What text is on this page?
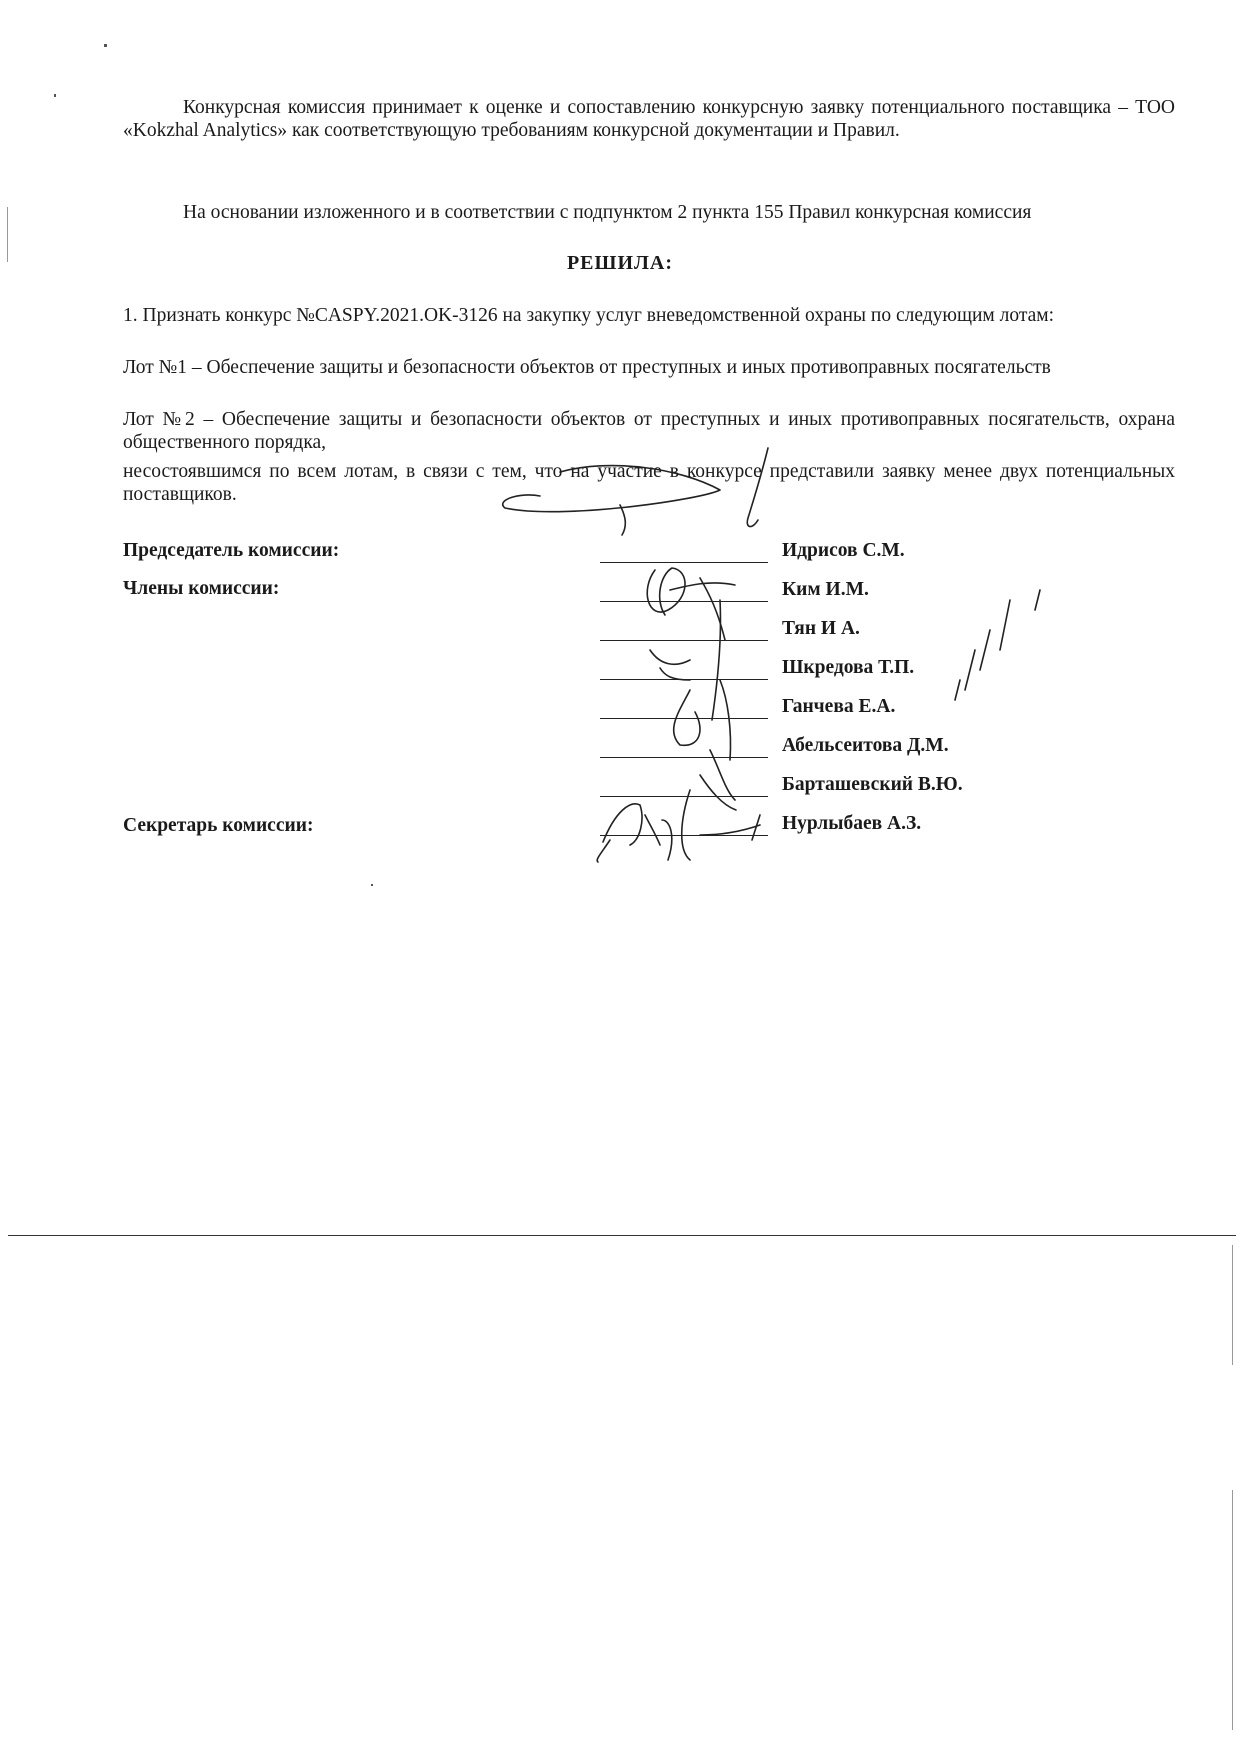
Конкурсная комиссия принимает к оценке и сопоставлению конкурсную заявку потенциального поставщика – ТОО «Kokzhal Analytics» как соответствующую требованиям конкурсной документации и Правил.

На основании изложенного и в соответствии с подпунктом 2 пункта 155 Правил конкурсная комиссия

РЕШИЛА:

1. Признать конкурс №CASPY.2021.OK-3126 на закупку услуг вневедомственной охраны по следующим лотам:

Лот №1 – Обеспечение защиты и безопасности объектов от преступных и иных противоправных посягательств

Лот №2 – Обеспечение защиты и безопасности объектов от преступных и иных противоправных посягательств, охрана общественного порядка,

несостоявшимся по всем лотам, в связи с тем, что на участие в конкурсе представили заявку менее двух потенциальных поставщиков.

Председатель комиссии:
Члены комиссии:
Секретарь комиссии:
Идрисов С.М.
Ким И.М.
Тян И А.
Шкредова Т.П.
Ганчева Е.А.
Абельсеитова Д.М.
Барташевский В.Ю.
Нурлыбаев А.З.
